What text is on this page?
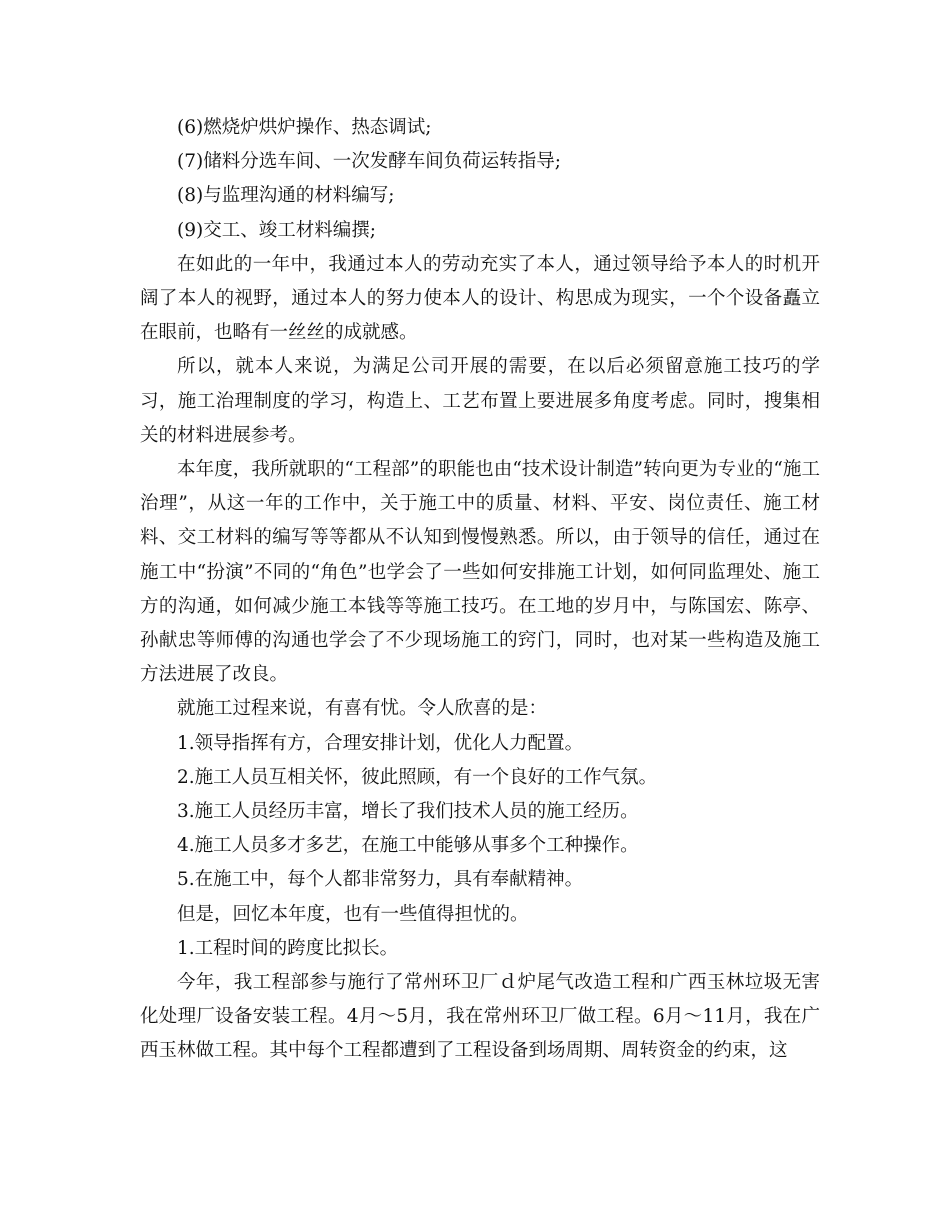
(6)燃烧炉烘炉操作、热态调试;

(7)储料分选车间、一次发酵车间负荷运转指导;

(8)与监理沟通的材料编写;

(9)交工、竣工材料编撰;

在如此的一年中，我通过本人的劳动充实了本人，通过领导给予本人的时机开阔了本人的视野，通过本人的努力使本人的设计、构思成为现实，一个个设备矗立在眼前，也略有一丝丝的成就感。

所以，就本人来说，为满足公司开展的需要，在以后必须留意施工技巧的学习，施工治理制度的学习，构造上、工艺布置上要进展多角度考虑。同时，搜集相关的材料进展参考。

本年度，我所就职的“工程部”的职能也由“技术设计制造”转向更为专业的“施工治理”，从这一年的工作中，关于施工中的质量、材料、平安、岗位责任、施工材料、交工材料的编写等等都从不认知到慢慢熟悉。所以，由于领导的信任，通过在施工中“扮演”不同的“角色”也学会了一些如何安排施工计划，如何同监理处、施工方的沟通，如何减少施工本钱等等施工技巧。在工地的岁月中，与陈国宏、陈亭、孙献忠等师傅的沟通也学会了不少现场施工的窍门，同时，也对某一些构造及施工方法进展了改良。

就施工过程来说，有喜有忧。令人欣喜的是：

1.领导指挥有方，合理安排计划，优化人力配置。

2.施工人员互相关怀，彼此照顾，有一个良好的工作气氛。

3.施工人员经历丰富，增长了我们技术人员的施工经历。

4.施工人员多才多艺，在施工中能够从事多个工种操作。

5.在施工中，每个人都非常努力，具有奉献精神。

但是，回忆本年度，也有一些值得担忧的。

1.工程时间的跨度比拟长。

今年，我工程部参与施行了常州环卫厂ｄ炉尾气改造工程和广西玉林垃圾无害化处理厂设备安装工程。4月～5月，我在常州环卫厂做工程。6月～11月，我在广西玉林做工程。其中每个工程都遭到了工程设备到场周期、周转资金的约束，这
